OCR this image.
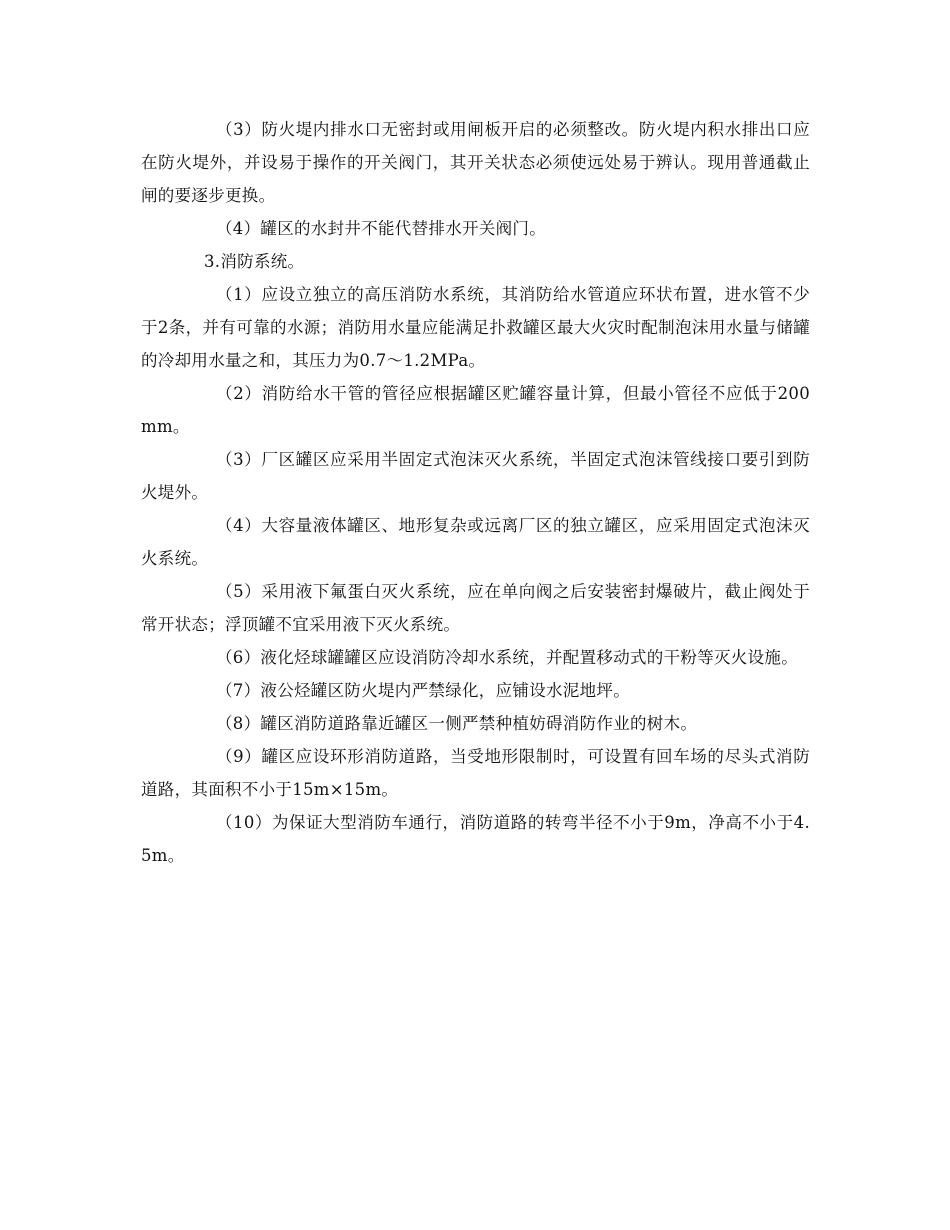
（3）防火堤内排水口无密封或用闸板开启的必须整改。防火堤内积水排出口应在防火堤外，并设易于操作的开关阀门，其开关状态必须使远处易于辨认。现用普通截止闸的要逐步更换。

（4）罐区的水封井不能代替排水开关阀门。

3.消防系统。

（1）应设立独立的高压消防水系统，其消防给水管道应环状布置，进水管不少于2条，并有可靠的水源；消防用水量应能满足扑救罐区最大火灾时配制泡沫用水量与储罐的冷却用水量之和，其压力为0.7～1.2MPa。

（2）消防给水干管的管径应根据罐区贮罐容量计算，但最小管径不应低于200mm。

（3）厂区罐区应采用半固定式泡沫灭火系统，半固定式泡沫管线接口要引到防火堤外。

（4）大容量液体罐区、地形复杂或远离厂区的独立罐区，应采用固定式泡沫灭火系统。

（5）采用液下氟蛋白灭火系统，应在单向阀之后安装密封爆破片，截止阀处于常开状态；浮顶罐不宜采用液下灭火系统。

（6）液化烃球罐罐区应设消防冷却水系统，并配置移动式的干粉等灭火设施。

（7）液公烃罐区防火堤内严禁绿化，应铺设水泥地坪。

（8）罐区消防道路靠近罐区一侧严禁种植妨碍消防作业的树木。

（9）罐区应设环形消防道路，当受地形限制时，可设置有回车场的尽头式消防道路，其面积不小于15m×15m。

（10）为保证大型消防车通行，消防道路的转弯半径不小于9m，净高不小于4.5m。
